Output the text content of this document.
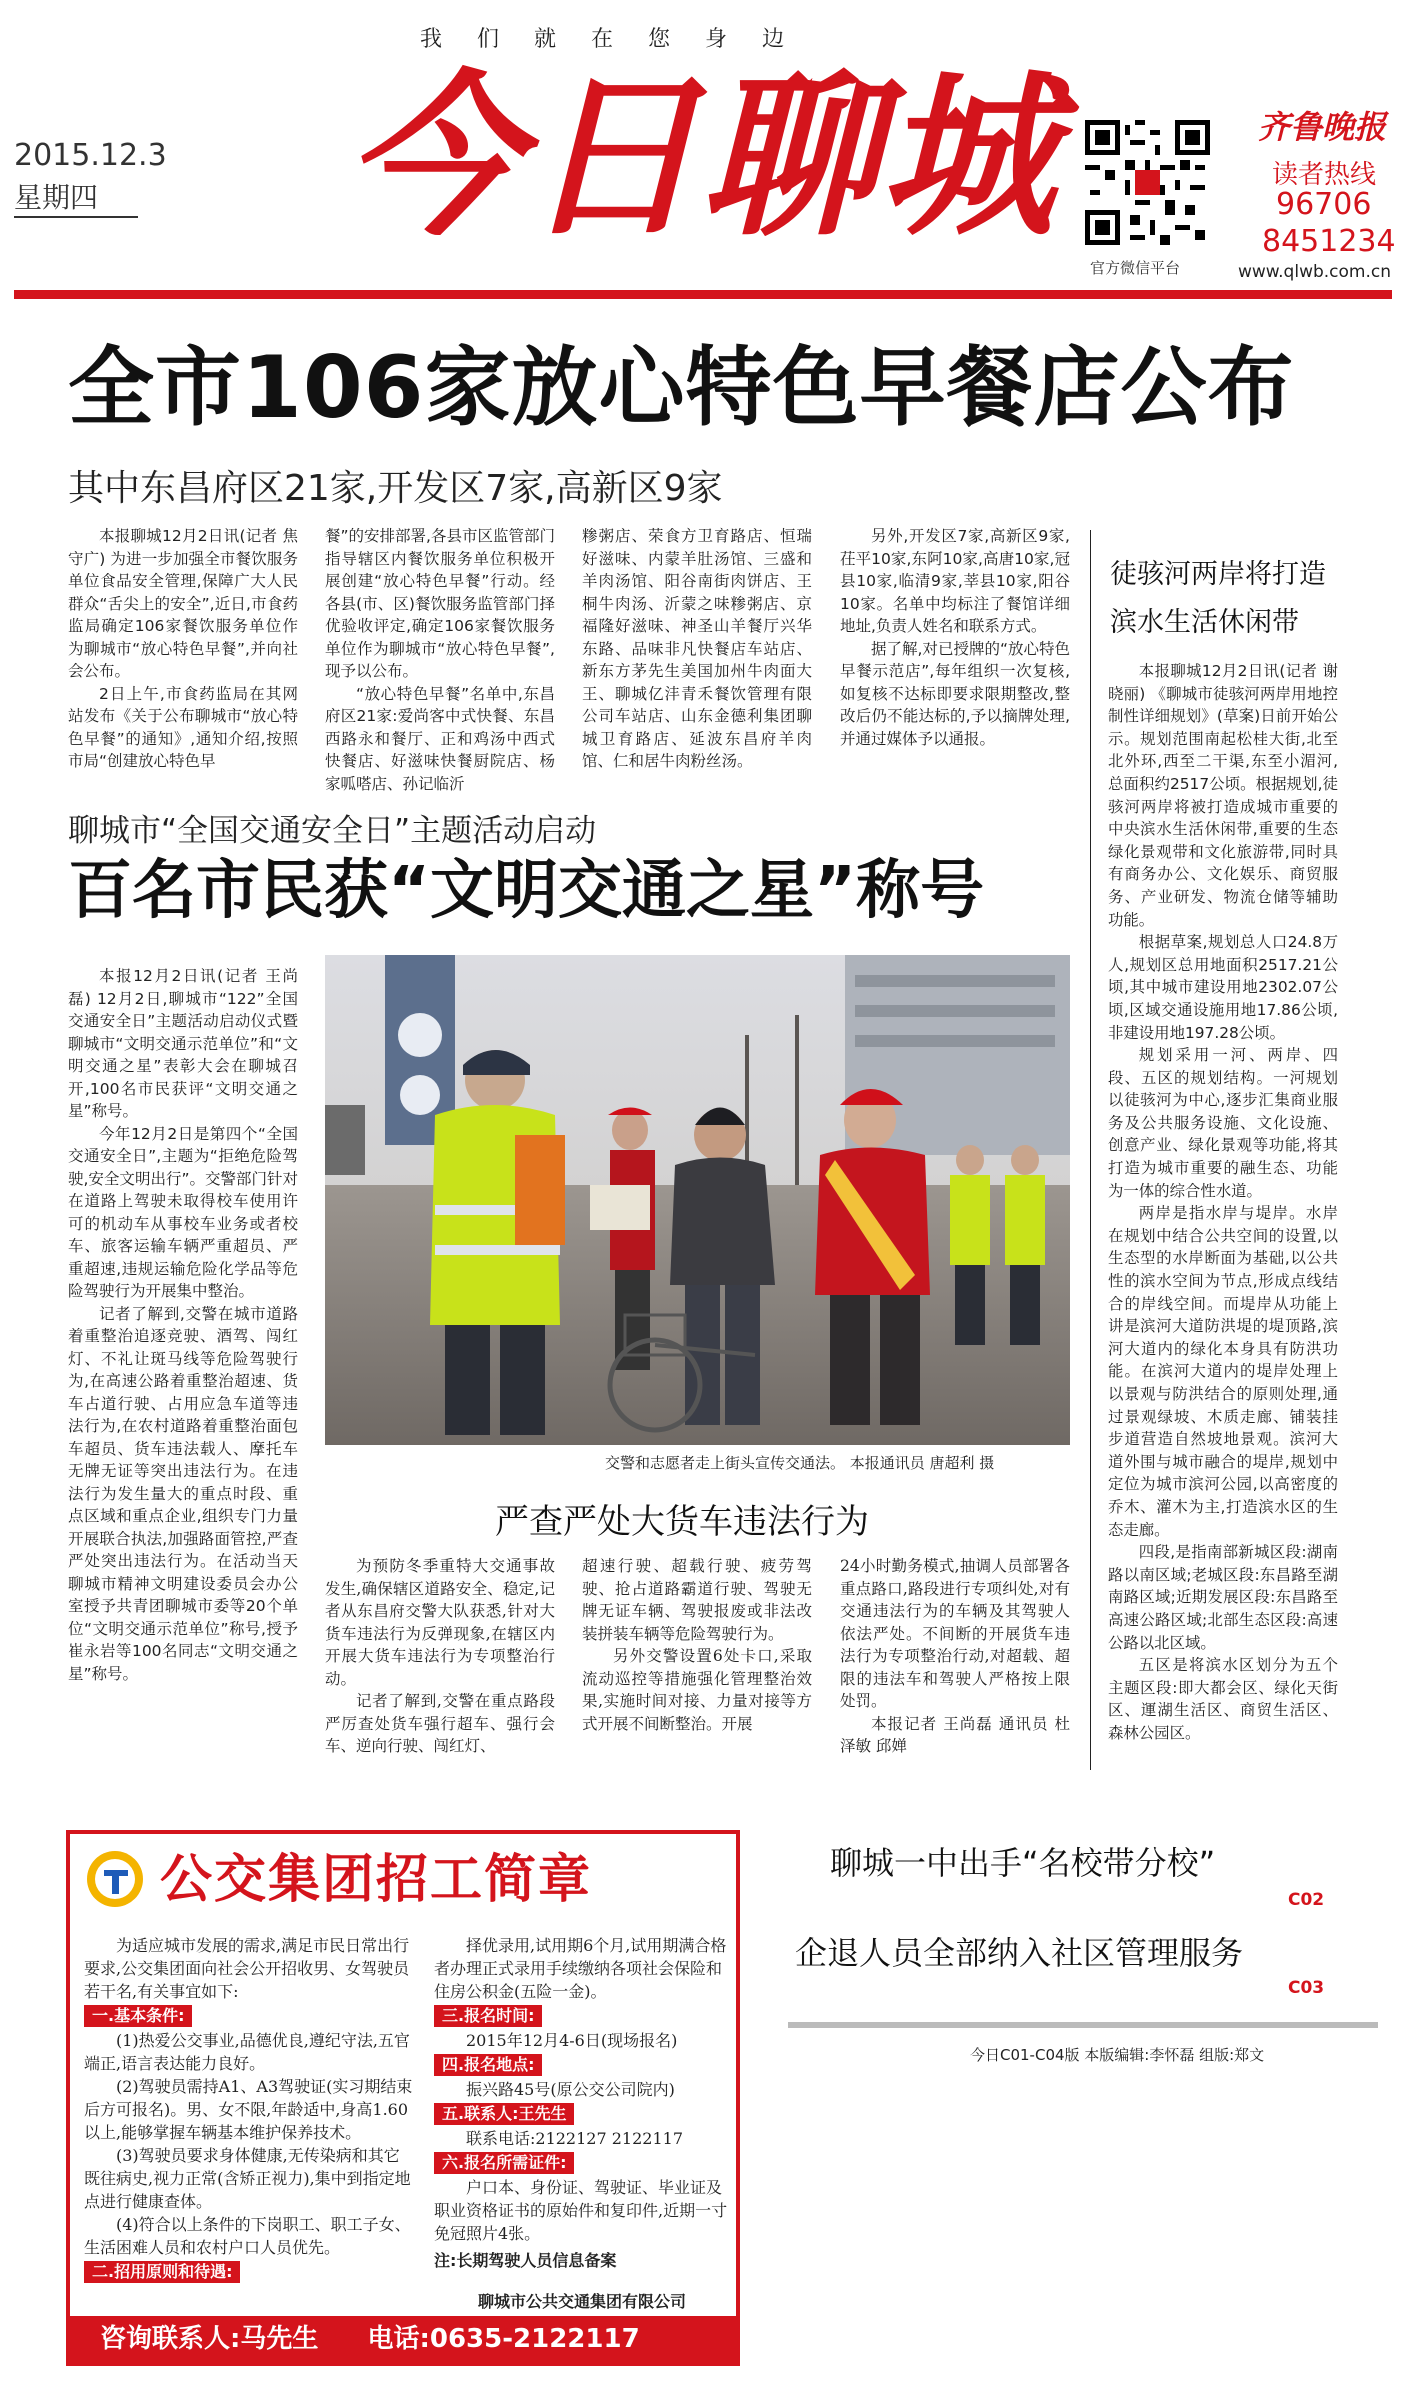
我 们 就 在 您 身 边
2015.12.3
星期四 今日聊城
官方微信平台
齐鲁晚报
读者热线
96706
8451234
www.qlwb.com.cn
全市106家放心特色早餐店公布
其中东昌府区21家,开发区7家,高新区9家

本报聊城12月2日讯(记者 焦守广) 为进一步加强全市餐饮服务单位食品安全管理,保障广大人民群众“舌尖上的安全”,近日,市食药监局确定106家餐饮服务单位作为聊城市“放心特色早餐”,并向社会公布。

2日上午,市食药监局在其网站发布《关于公布聊城市“放心特色早餐”的通知》,通知介绍,按照市局“创建放心特色早

餐”的安排部署,各县市区监管部门指导辖区内餐饮服务单位积极开展创建“放心特色早餐”行动。经各县(市、区)餐饮服务监管部门择优验收评定,确定106家餐饮服务单位作为聊城市“放心特色早餐”,现予以公布。

“放心特色早餐”名单中,东昌府区21家:爱尚客中式快餐、东昌西路永和餐厅、正和鸡汤中西式快餐店、好滋味快餐厨院店、杨家呱嗒店、孙记临沂

糁粥店、荣食方卫育路店、恒瑞好滋味、内蒙羊肚汤馆、三盛和羊肉汤馆、阳谷南街肉饼店、王桐牛肉汤、沂蒙之味糁粥店、京福隆好滋味、神圣山羊餐厅兴华东路、品味非凡快餐店车站店、新东方茅先生美国加州牛肉面大王、聊城亿沣青禾餐饮管理有限公司车站店、山东金德利集团聊城卫育路店、延波东昌府羊肉馆、仁和居牛肉粉丝汤。

另外,开发区7家,高新区9家,茌平10家,东阿10家,高唐10家,冠县10家,临清9家,莘县10家,阳谷10家。名单中均标注了餐馆详细地址,负责人姓名和联系方式。

据了解,对已授牌的“放心特色早餐示范店”,每年组织一次复核,如复核不达标即要求限期整改,整改后仍不能达标的,予以摘牌处理,并通过媒体予以通报。

徒骇河两岸将打造
滨水生活休闲带

本报聊城12月2日讯(记者 谢晓丽) 《聊城市徒骇河两岸用地控制性详细规划》(草案)日前开始公示。规划范围南起松桂大街,北至北外环,西至二干渠,东至小湄河,总面积约2517公顷。根据规划,徒骇河两岸将被打造成城市重要的中央滨水生活休闲带,重要的生态绿化景观带和文化旅游带,同时具有商务办公、文化娱乐、商贸服务、产业研发、物流仓储等辅助功能。

根据草案,规划总人口24.8万人,规划区总用地面积2517.21公顷,其中城市建设用地2302.07公顷,区域交通设施用地17.86公顷,非建设用地197.28公顷。

规划采用一河、两岸、四段、五区的规划结构。一河规划以徒骇河为中心,逐步汇集商业服务及公共服务设施、文化设施、创意产业、绿化景观等功能,将其打造为城市重要的融生态、功能为一体的综合性水道。

两岸是指水岸与堤岸。水岸在规划中结合公共空间的设置,以生态型的水岸断面为基础,以公共性的滨水空间为节点,形成点线结合的岸线空间。而堤岸从功能上讲是滨河大道防洪堤的堤顶路,滨河大道内的绿化本身具有防洪功能。在滨河大道内的堤岸处理上以景观与防洪结合的原则处理,通过景观绿坡、木质走廊、铺装挂步道营造自然坡地景观。滨河大道外围与城市融合的堤岸,规划中定位为城市滨河公园,以高密度的乔木、灌木为主,打造滨水区的生态走廊。

四段,是指南部新城区段:湖南路以南区域;老城区段:东昌路至湖南路区域;近期发展区段:东昌路至高速公路区域;北部生态区段:高速公路以北区域。

五区是将滨水区划分为五个主题区段:即大都会区、绿化天街区、運湖生活区、商贸生活区、森林公园区。

聊城市“全国交通安全日”主题活动启动
百名市民获“文明交通之星”称号

本报12月2日讯(记者 王尚磊) 12月2日,聊城市“122”全国交通安全日”主题活动启动仪式暨聊城市“文明交通示范单位”和“文明交通之星”表彰大会在聊城召开,100名市民获评“文明交通之星”称号。

今年12月2日是第四个“全国交通安全日”,主题为“拒绝危险驾驶,安全文明出行”。交警部门针对在道路上驾驶未取得校车使用许可的机动车从事校车业务或者校车、旅客运输车辆严重超员、严重超速,违规运输危险化学品等危险驾驶行为开展集中整治。

记者了解到,交警在城市道路着重整治追逐竞驶、酒驾、闯红灯、不礼让斑马线等危险驾驶行为,在高速公路着重整治超速、货车占道行驶、占用应急车道等违法行为,在农村道路着重整治面包车超员、货车违法载人、摩托车无牌无证等突出违法行为。在违法行为发生量大的重点时段、重点区域和重点企业,组织专门力量开展联合执法,加强路面管控,严查严处突出违法行为。在活动当天聊城市精神文明建设委员会办公室授予共青团聊城市委等20个单位“文明交通示范单位”称号,授予崔永岩等100名同志“文明交通之星”称号。

交警和志愿者走上街头宣传交通法。 本报通讯员 唐超利 摄
严查严处大货车违法行为

为预防冬季重特大交通事故发生,确保辖区道路安全、稳定,记者从东昌府交警大队获悉,针对大货车违法行为反弹现象,在辖区内开展大货车违法行为专项整治行动。

记者了解到,交警在重点路段严厉查处货车强行超车、强行会车、逆向行驶、闯红灯、

超速行驶、超载行驶、疲劳驾驶、抢占道路霸道行驶、驾驶无牌无证车辆、驾驶报废或非法改装拼装车辆等危险驾驶行为。

另外交警设置6处卡口,采取流动巡控等措施强化管理整治效果,实施时间对接、力量对接等方式开展不间断整治。开展

24小时勤务模式,抽调人员部署各重点路口,路段进行专项纠处,对有交通违法行为的车辆及其驾驶人依法严处。不间断的开展货车违法行为专项整治行动,对超载、超限的违法车和驾驶人严格按上限处罚。

本报记者 王尚磊 通讯员 杜泽敏 邱婵

公交集团招工简章
为适应城市发展的需求,满足市民日常出行要求,公交集团面向社会公开招收男、女驾驶员若干名,有关事宜如下:
一.基本条件:
(1)热爱公交事业,品德优良,遵纪守法,五官端正,语言表达能力良好。
(2)驾驶员需持A1、A3驾驶证(实习期结束后方可报名)。男、女不限,年龄适中,身高1.60以上,能够掌握车辆基本维护保养技术。
(3)驾驶员要求身体健康,无传染病和其它既往病史,视力正常(含矫正视力),集中到指定地点进行健康查体。
(4)符合以上条件的下岗职工、职工子女、生活困难人员和农村户口人员优先。
二.招用原则和待遇:
择优录用,试用期6个月,试用期满合格者办理正式录用手续缴纳各项社会保险和住房公积金(五险一金)。
三.报名时间:
2015年12月4-6日(现场报名)
四.报名地点:
振兴路45号(原公交公司院内)
五.联系人:王先生
联系电话:2122127 2122117
六.报名所需证件:
户口本、身份证、驾驶证、毕业证及职业资格证书的原始件和复印件,近期一寸免冠照片4张。
注:长期驾驶人员信息备案
聊城市公共交通集团有限公司
咨询联系人:马先生 电话:0635-2122117
聊城一中出手“名校带分校”
C02
企退人员全部纳入社区管理服务
C03
今日C01-C04版 本版编辑:李怀磊 组版:郑文
